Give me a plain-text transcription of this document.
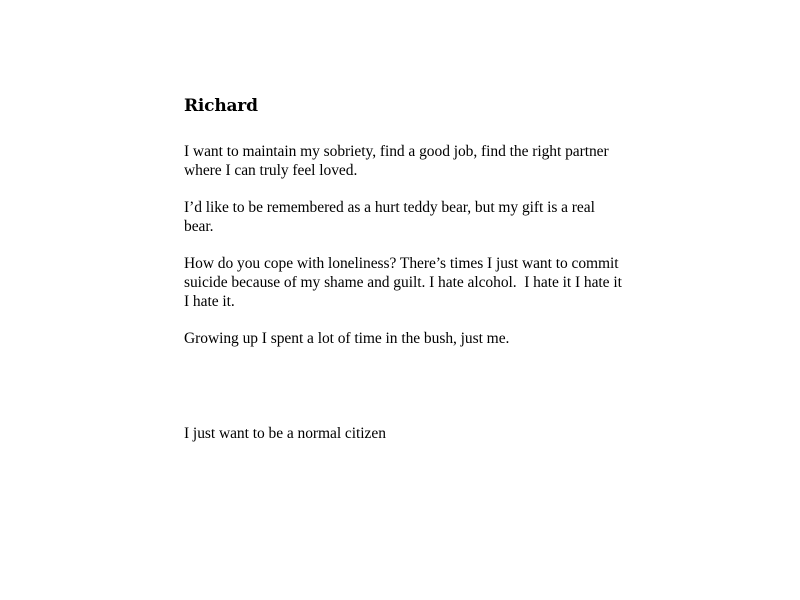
Richard

I want to maintain my sobriety, find a good job, find the right partner where I can truly feel loved.

I’d like to be remembered as a hurt teddy bear, but my gift is a real bear.

How do you cope with loneliness? There’s times I just want to commit suicide because of my shame and guilt. I hate alcohol.  I hate it I hate it I hate it.

Growing up I spent a lot of time in the bush, just me.

I just want to be a normal citizen
